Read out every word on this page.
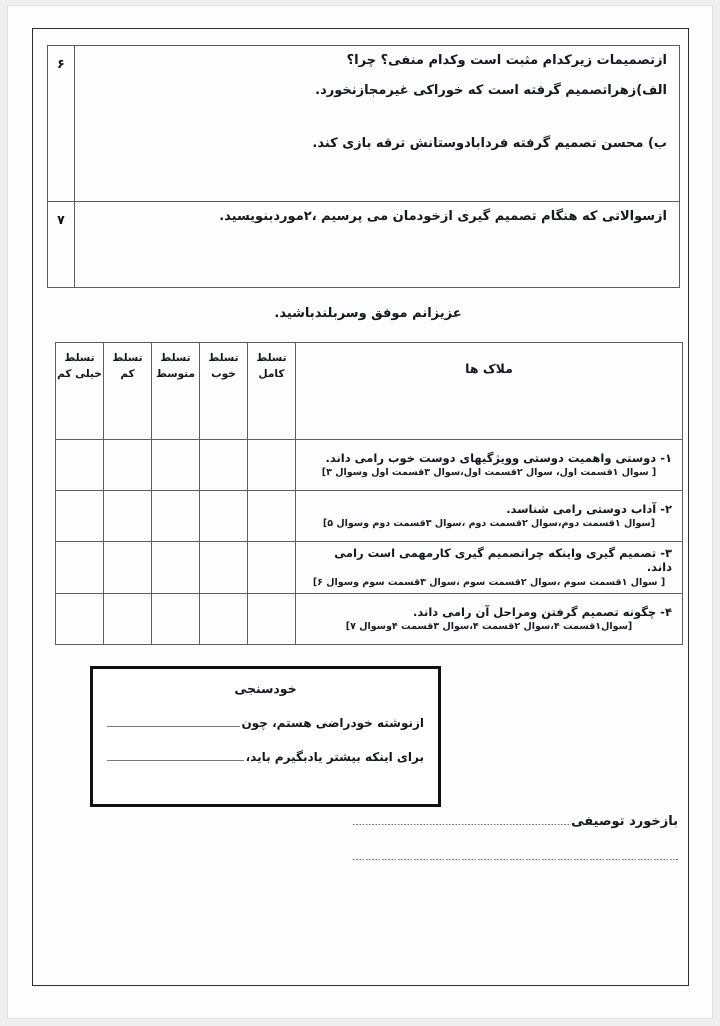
ازتصمیمات زیرکدام مثبت است وکدام منفی؟ چرا؟
الف)زهراتصمیم گرفته است که خوراکی غیرمجازنخورد.
ب) محسن تصمیم گرفته فردابادوستانش ترقه بازی کند.	۶

ازسوالاتی که هنگام تصمیم گیری ازخودمان می پرسیم ،۲موردبنویسید.	۷
عزیزانم موفق وسربلندباشید.
ملاک ها	تسلط کامل	تسلط خوب	تسلط متوسط	تسلط کم	تسلط خیلی کم

۱- دوستی واهمیت دوستی وویژگیهای دوست خوب رامی داند.
[ سوال ۱قسمت اول، سوال ۲قسمت اول،سوال ۳قسمت اول وسوال ۳]					

۲- آداب دوستی رامی شناسد.
[سوال ۱قسمت دوم،سوال ۲قسمت دوم ،سوال ۳قسمت دوم وسوال ۵]					

۳- تصمیم گیری واینکه چراتصمیم گیری کارمهمی است رامی داند.
[ سوال ۱قسمت سوم ،سوال ۲قسمت سوم ،سوال ۳قسمت سوم وسوال ۶]					

۴- چگونه تصمیم گرفتن ومراحل آن رامی داند.
[سوال۱قسمت ۴،سوال ۲قسمت ۴،سوال ۳قسمت ۴وسوال ۷]					

خودسنجی
ازنوشته خودراضی هستم، چون
برای اینکه بیشتر یادبگیرم باید،
بازخورد توصیفی
